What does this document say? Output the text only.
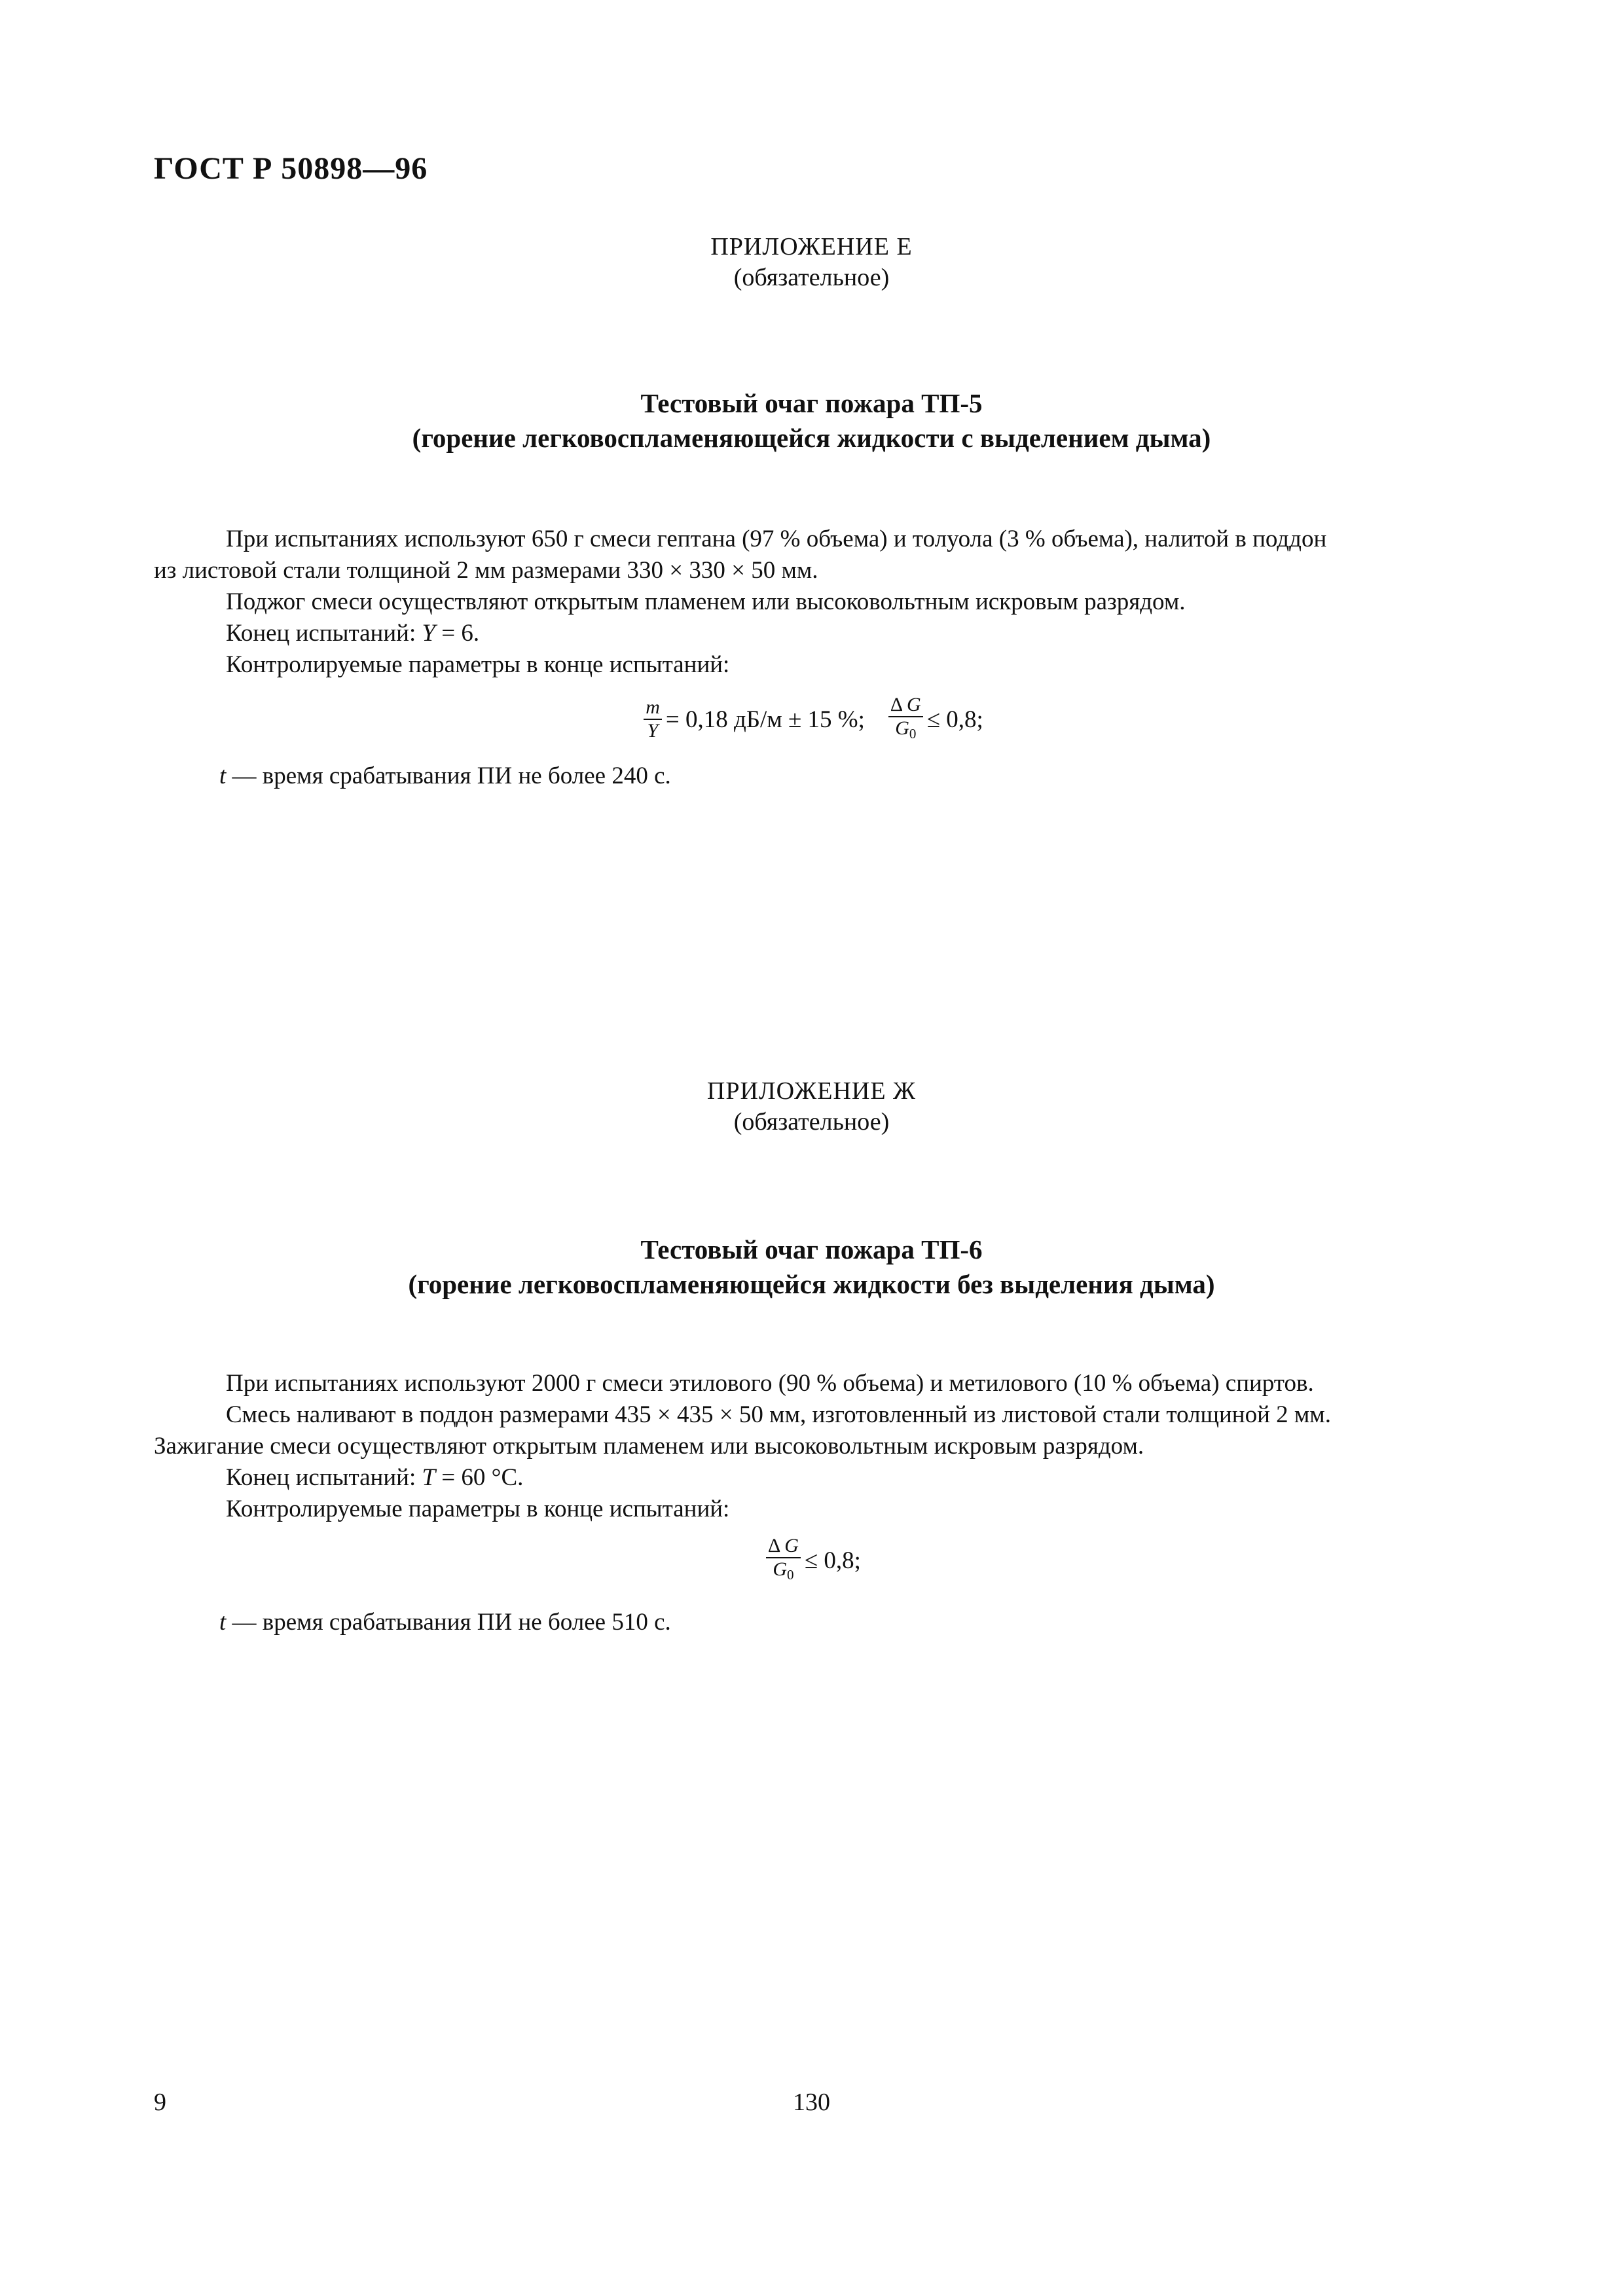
ГОСТ Р 50898—96
ПРИЛОЖЕНИЕ Е
(обязательное)
Тестовый очаг пожара ТП-5
(горение легковоспламеняющейся жидкости с выделением дыма)
При испытаниях используют 650 г смеси гептана (97 % объема) и толуола (3 % объема), налитой в поддон
из листовой стали толщиной 2 мм размерами 330 × 330 × 50 мм.
Поджог смеси осуществляют открытым пламенем или высоковольтным искровым разрядом.
Конец испытаний: Y = 6.
Контролируемые параметры в конце испытаний:
$\frac{m}{Y} = 0,18$ дБ/м ± 15 %; $\frac{\text{Δ G}}{G_0} \le 0,8$;
t — время срабатывания ПИ не более 240 с.
ПРИЛОЖЕНИЕ Ж
(обязательное)
Тестовый очаг пожара ТП-6
(горение легковоспламеняющейся жидкости без выделения дыма)
При испытаниях используют 2000 г смеси этилового (90 % объема) и метилового (10 % объема) спиртов.
Смесь наливают в поддон размерами 435 × 435 × 50 мм, изготовленный из листовой стали толщиной 2 мм.
Зажигание смеси осуществляют открытым пламенем или высоковольтным искровым разрядом.
Конец испытаний: T = 60 °С.
Контролируемые параметры в конце испытаний:
$\frac{\text{Δ G}}{G_0} \le 0,8$;
t — время срабатывания ПИ не более 510 с.
9	130
